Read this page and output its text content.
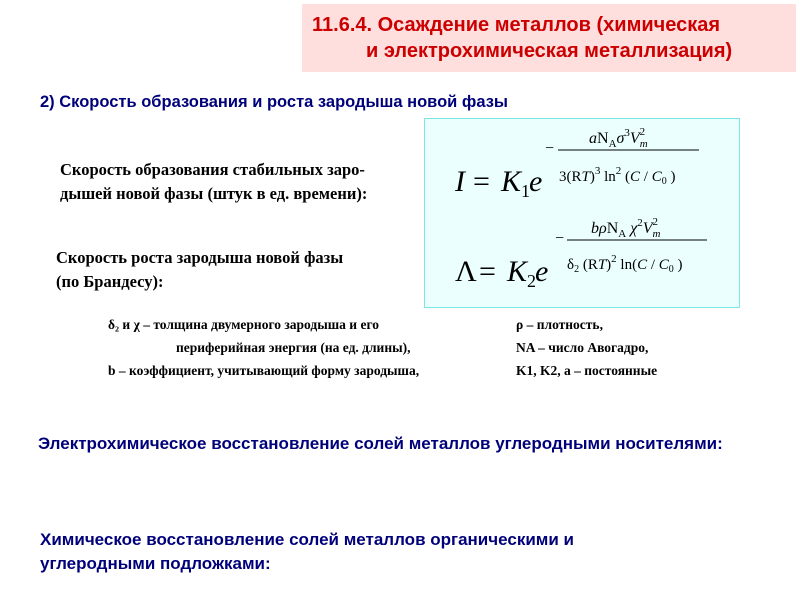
11.6.4. Осаждение металлов (химическая
и электрохимическая металлизация)
2) Скорость образования и роста зародыша новой фазы
Скорость образования стабильных заро-
дышей новой фазы (штук в ед. времени):
Скорость роста зародыша новой фазы
(по Брандесу):
I = K 1 e
−
$aN_A\sigma^3V_m2$
3(RT)$^3$ $\ln^2 (C / C_0$ )
Λ = K 2 e
−
bρN$_A$ $\chi^2V_m2$
$\delta_2$ (RT)$^2$ $\ln(C / C_0$ )
δ₂ и χ – толщина двумерного зародыша и его
периферийная энергия (на ед. длины),
b – коэффициент, учитывающий форму зародыша,
ρ – плотность,
NA – число Авогадро,
K1, K2, a – постоянные
Электрохимическое восстановление солей металлов углеродными носителями:
Химическое восстановление солей металлов органическими и
углеродными подложками:
